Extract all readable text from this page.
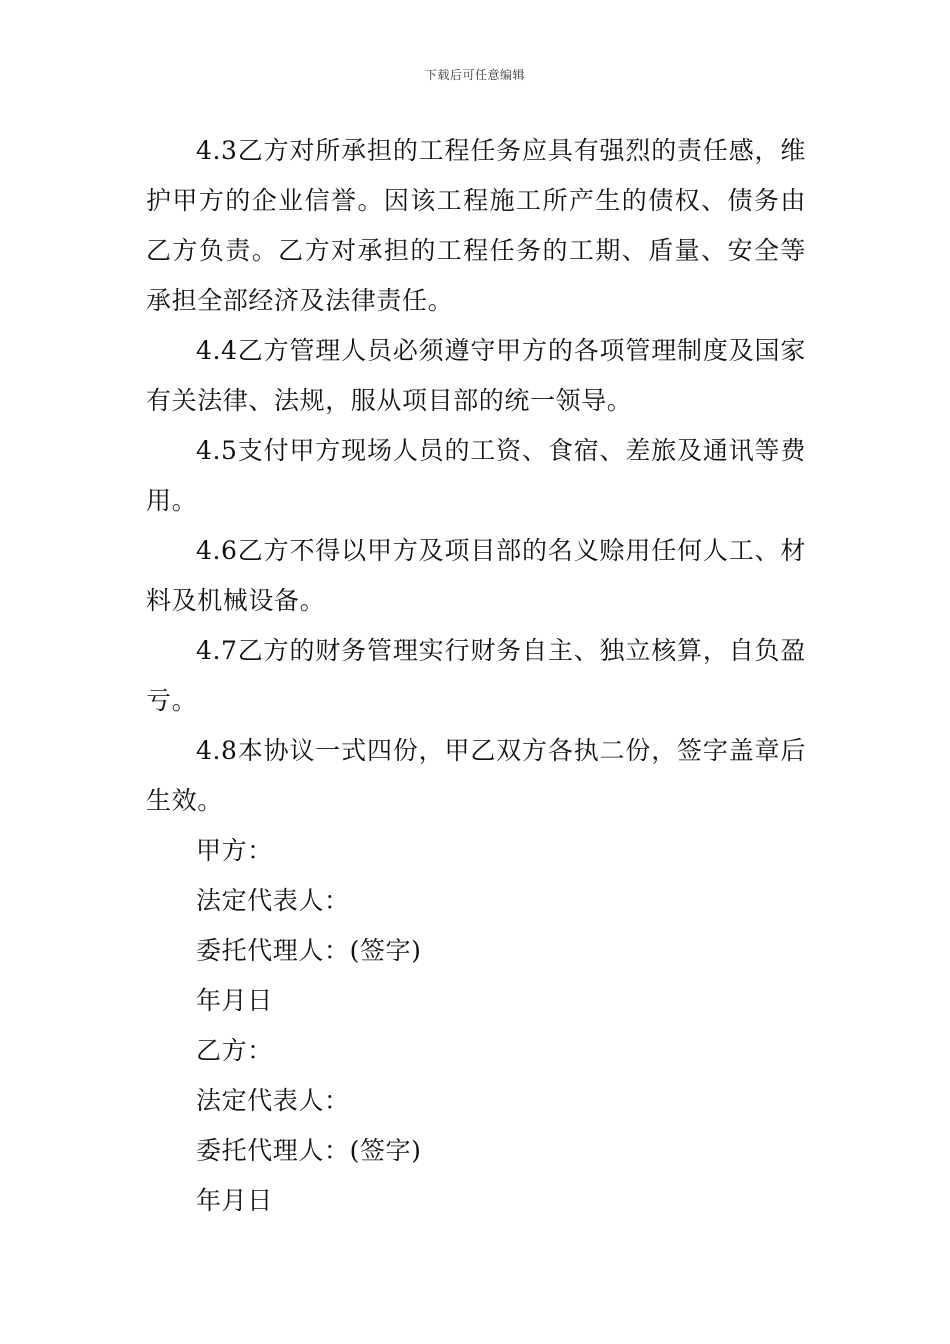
下载后可任意编辑

4.3乙方对所承担的工程任务应具有强烈的责任感，维护甲方的企业信誉。因该工程施工所产生的债权、债务由乙方负责。乙方对承担的工程任务的工期、盾量、安全等承担全部经济及法律责任。

4.4乙方管理人员必须遵守甲方的各项管理制度及国家有关法律、法规，服从项目部的统一领导。

4.5支付甲方现场人员的工资、食宿、差旅及通讯等费用。

4.6乙方不得以甲方及项目部的名义赊用任何人工、材料及机械设备。

4.7乙方的财务管理实行财务自主、独立核算，自负盈亏。

4.8本协议一式四份，甲乙双方各执二份，签字盖章后生效。

甲方：

法定代表人：

委托代理人：(签字)

年月日

乙方：

法定代表人：

委托代理人：(签字)

年月日
